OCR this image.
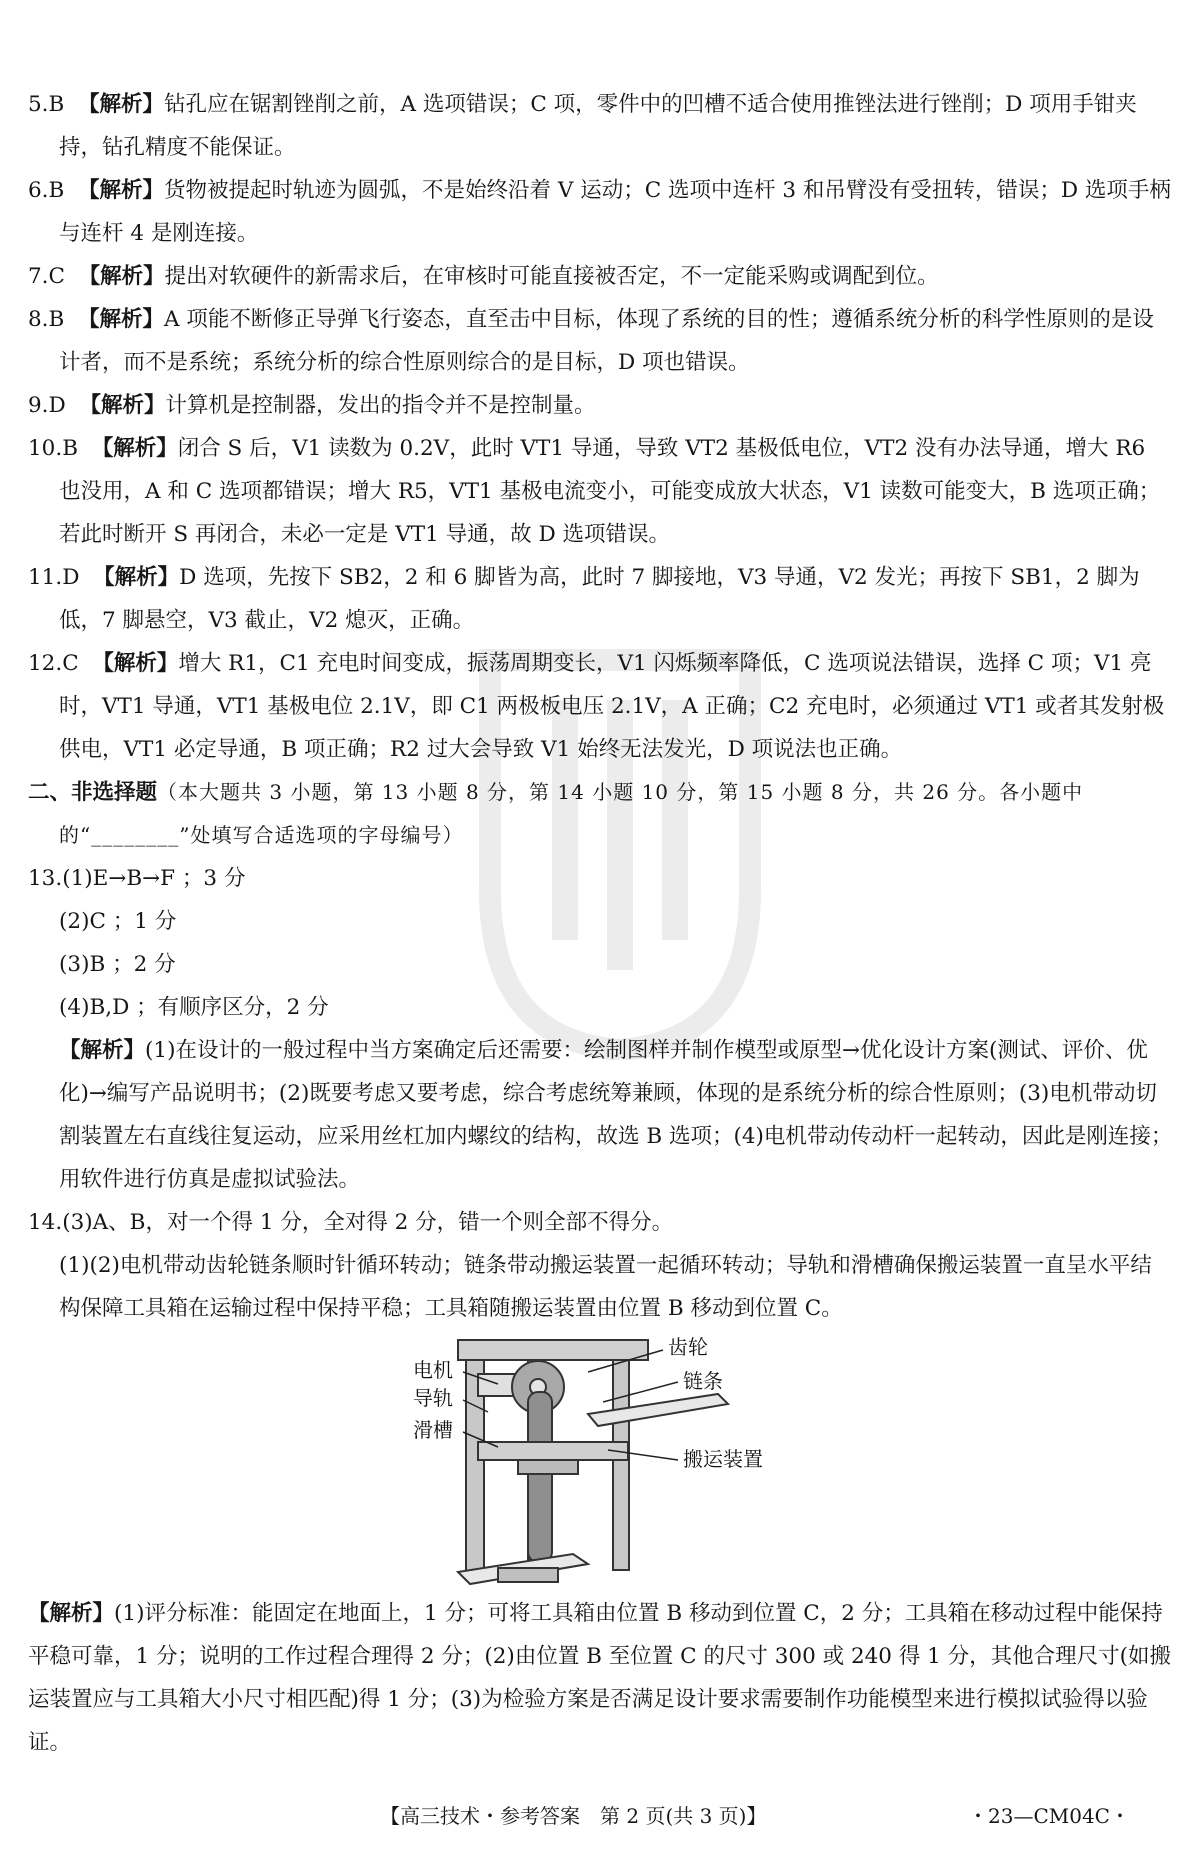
5.B 【解析】钻孔应在锯割锉削之前，A 选项错误；C 项，零件中的凹槽不适合使用推锉法进行锉削；D 项用手钳夹持，钻孔精度不能保证。

6.B 【解析】货物被提起时轨迹为圆弧，不是始终沿着 V 运动；C 选项中连杆 3 和吊臂没有受扭转，错误；D 选项手柄与连杆 4 是刚连接。

7.C 【解析】提出对软硬件的新需求后，在审核时可能直接被否定，不一定能采购或调配到位。

8.B 【解析】A 项能不断修正导弹飞行姿态，直至击中目标，体现了系统的目的性；遵循系统分析的科学性原则的是设计者，而不是系统；系统分析的综合性原则综合的是目标，D 项也错误。

9.D 【解析】计算机是控制器，发出的指令并不是控制量。

10.B 【解析】闭合 S 后，V1 读数为 0.2V，此时 VT1 导通，导致 VT2 基极低电位，VT2 没有办法导通，增大 R6 也没用，A 和 C 选项都错误；增大 R5，VT1 基极电流变小，可能变成放大状态，V1 读数可能变大，B 选项正确；若此时断开 S 再闭合，未必一定是 VT1 导通，故 D 选项错误。

11.D 【解析】D 选项，先按下 SB2，2 和 6 脚皆为高，此时 7 脚接地，V3 导通，V2 发光；再按下 SB1，2 脚为低，7 脚悬空，V3 截止，V2 熄灭，正确。

12.C 【解析】增大 R1，C1 充电时间变成，振荡周期变长，V1 闪烁频率降低，C 选项说法错误，选择 C 项；V1 亮时，VT1 导通，VT1 基极电位 2.1V，即 C1 两极板电压 2.1V，A 正确；C2 充电时，必须通过 VT1 或者其发射极供电，VT1 必定导通，B 项正确；R2 过大会导致 V1 始终无法发光，D 项说法也正确。

二、非选择题（本大题共 3 小题，第 13 小题 8 分，第 14 小题 10 分，第 15 小题 8 分，共 26 分。各小题中的“________”处填写合适选项的字母编号）

13.(1)E→B→F ；3 分

(2)C ；1 分

(3)B ；2 分

(4)B,D ；有顺序区分，2 分

【解析】(1)在设计的一般过程中当方案确定后还需要：绘制图样并制作模型或原型→优化设计方案(测试、评价、优化)→编写产品说明书；(2)既要考虑又要考虑，综合考虑统筹兼顾，体现的是系统分析的综合性原则；(3)电机带动切割装置左右直线往复运动，应采用丝杠加内螺纹的结构，故选 B 选项；(4)电机带动传动杆一起转动，因此是刚连接；用软件进行仿真是虚拟试验法。

14.(3)A、B，对一个得 1 分，全对得 2 分，错一个则全部不得分。

(1)(2)电机带动齿轮链条顺时针循环转动；链条带动搬运装置一起循环转动；导轨和滑槽确保搬运装置一直呈水平结构保障工具箱在运输过程中保持平稳；工具箱随搬运装置由位置 B 移动到位置 C。

齿轮
电机	链条
导轨
滑槽
搬运装置

【解析】(1)评分标准：能固定在地面上，1 分；可将工具箱由位置 B 移动到位置 C，2 分；工具箱在移动过程中能保持平稳可靠，1 分；说明的工作过程合理得 2 分；(2)由位置 B 至位置 C 的尺寸 300 或 240 得 1 分，其他合理尺寸(如搬运装置应与工具箱大小尺寸相匹配)得 1 分；(3)为检验方案是否满足设计要求需要制作功能模型来进行模拟试验得以验证。

【高三技术・参考答案　第 2 页(共 3 页)】	・23—CM04C・
